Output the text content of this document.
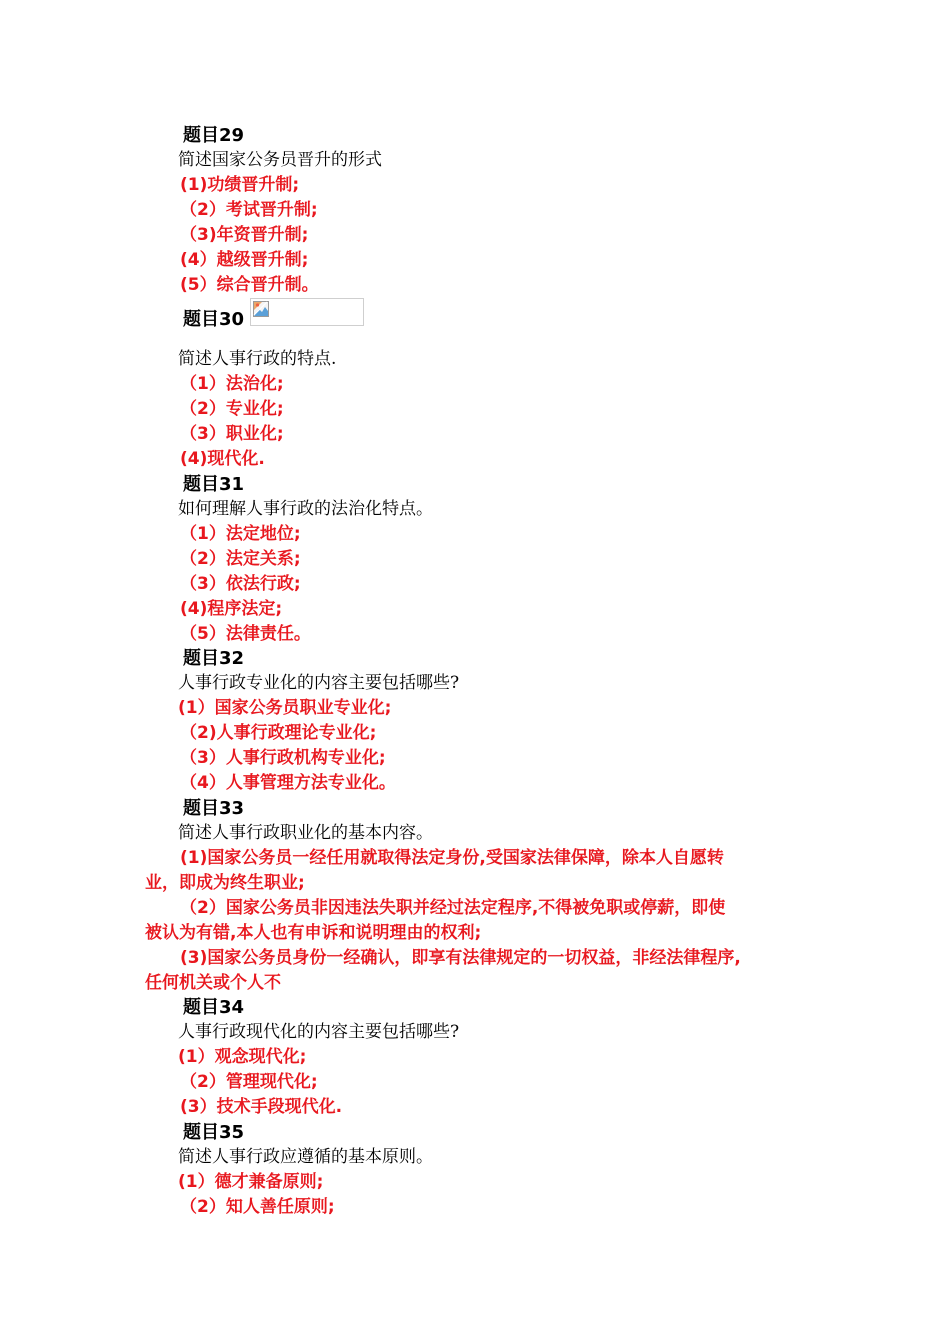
题目29
简述国家公务员晋升的形式
(1)功绩晋升制;
（2）考试晋升制;
（3)年资晋升制;
(4）越级晋升制;
(5）综合晋升制。
题目30
简述人事行政的特点.
（1）法治化;
（2）专业化;
（3）职业化;
(4)现代化.
题目31
如何理解人事行政的法治化特点。
（1）法定地位;
（2）法定关系;
（3）依法行政;
(4)程序法定;
（5）法律责任。
题目32
人事行政专业化的内容主要包括哪些?
(1）国家公务员职业专业化;
（2)人事行政理论专业化;
（3）人事行政机构专业化;
（4）人事管理方法专业化。
题目33
简述人事行政职业化的基本内容。
(1)国家公务员一经任用就取得法定身份,受国家法律保障，除本人自愿转
业，即成为终生职业;
（2）国家公务员非因违法失职并经过法定程序,不得被免职或停薪，即使
被认为有错,本人也有申诉和说明理由的权利;
(3)国家公务员身份一经确认，即享有法律规定的一切权益，非经法律程序,
任何机关或个人不
题目34
人事行政现代化的内容主要包括哪些?
(1）观念现代化;
（2）管理现代化;
(3）技术手段现代化.
题目35
简述人事行政应遵循的基本原则。
(1）德才兼备原则;
（2）知人善任原则;
